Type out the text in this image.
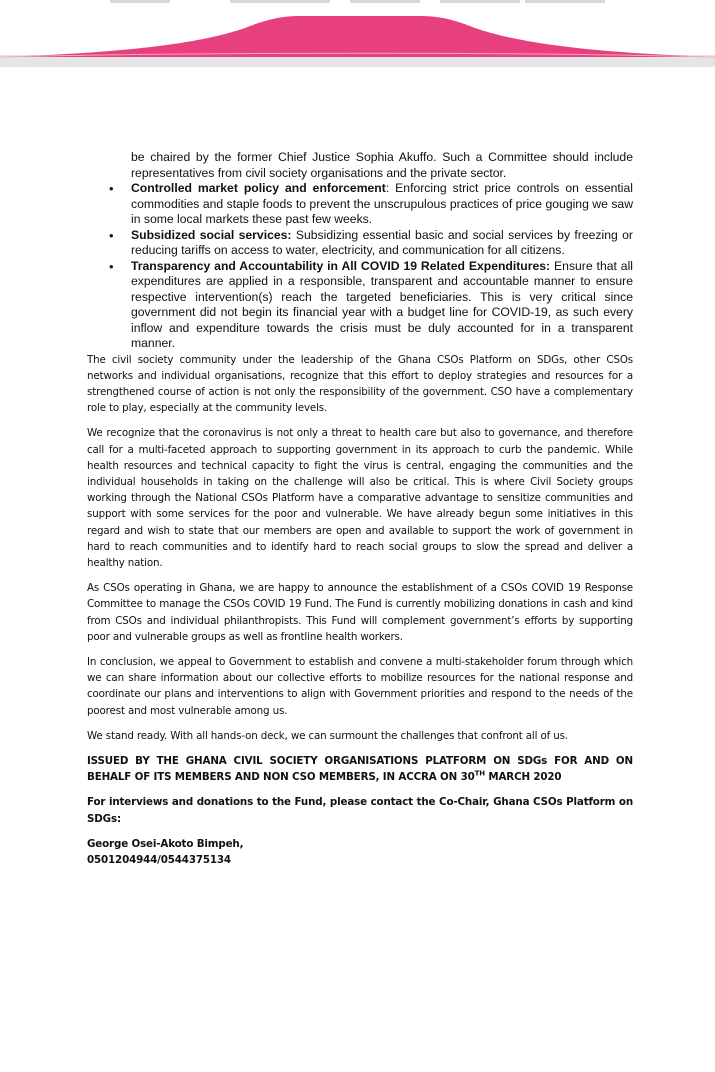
be chaired by the former Chief Justice Sophia Akuffo. Such a Committee should include representatives from civil society organisations and the private sector.

• Controlled market policy and enforcement: Enforcing strict price controls on essential commodities and staple foods to prevent the unscrupulous practices of price gouging we saw in some local markets these past few weeks.
• Subsidized social services: Subsidizing essential basic and social services by freezing or reducing tariffs on access to water, electricity, and communication for all citizens.
• Transparency and Accountability in All COVID 19 Related Expenditures: Ensure that all expenditures are applied in a responsible, transparent and accountable manner to ensure respective intervention(s) reach the targeted beneficiaries. This is very critical since government did not begin its financial year with a budget line for COVID-19, as such every inflow and expenditure towards the crisis must be duly accounted for in a transparent manner.

The civil society community under the leadership of the Ghana CSOs Platform on SDGs, other CSOs networks and individual organisations, recognize that this effort to deploy strategies and resources for a strengthened course of action is not only the responsibility of the government. CSO have a complementary role to play, especially at the community levels.

We recognize that the coronavirus is not only a threat to health care but also to governance, and therefore call for a multi-faceted approach to supporting government in its approach to curb the pandemic. While health resources and technical capacity to fight the virus is central, engaging the communities and the individual households in taking on the challenge will also be critical. This is where Civil Society groups working through the National CSOs Platform have a comparative advantage to sensitize communities and support with some services for the poor and vulnerable. We have already begun some initiatives in this regard and wish to state that our members are open and available to support the work of government in hard to reach communities and to identify hard to reach social groups to slow the spread and deliver a healthy nation.

As CSOs operating in Ghana, we are happy to announce the establishment of a CSOs COVID 19 Response Committee to manage the CSOs COVID 19 Fund. The Fund is currently mobilizing donations in cash and kind from CSOs and individual philanthropists. This Fund will complement government’s efforts by supporting poor and vulnerable groups as well as frontline health workers.

In conclusion, we appeal to Government to establish and convene a multi-stakeholder forum through which we can share information about our collective efforts to mobilize resources for the national response and coordinate our plans and interventions to align with Government priorities and respond to the needs of the poorest and most vulnerable among us.

We stand ready. With all hands-on deck, we can surmount the challenges that confront all of us.

ISSUED BY THE GHANA CIVIL SOCIETY ORGANISATIONS PLATFORM ON SDGs FOR AND ON BEHALF OF ITS MEMBERS AND NON CSO MEMBERS, IN ACCRA ON 30TH MARCH 2020

For interviews and donations to the Fund, please contact the Co-Chair, Ghana CSOs Platform on SDGs:

George Osei-Akoto Bimpeh,
0501204944/0544375134
